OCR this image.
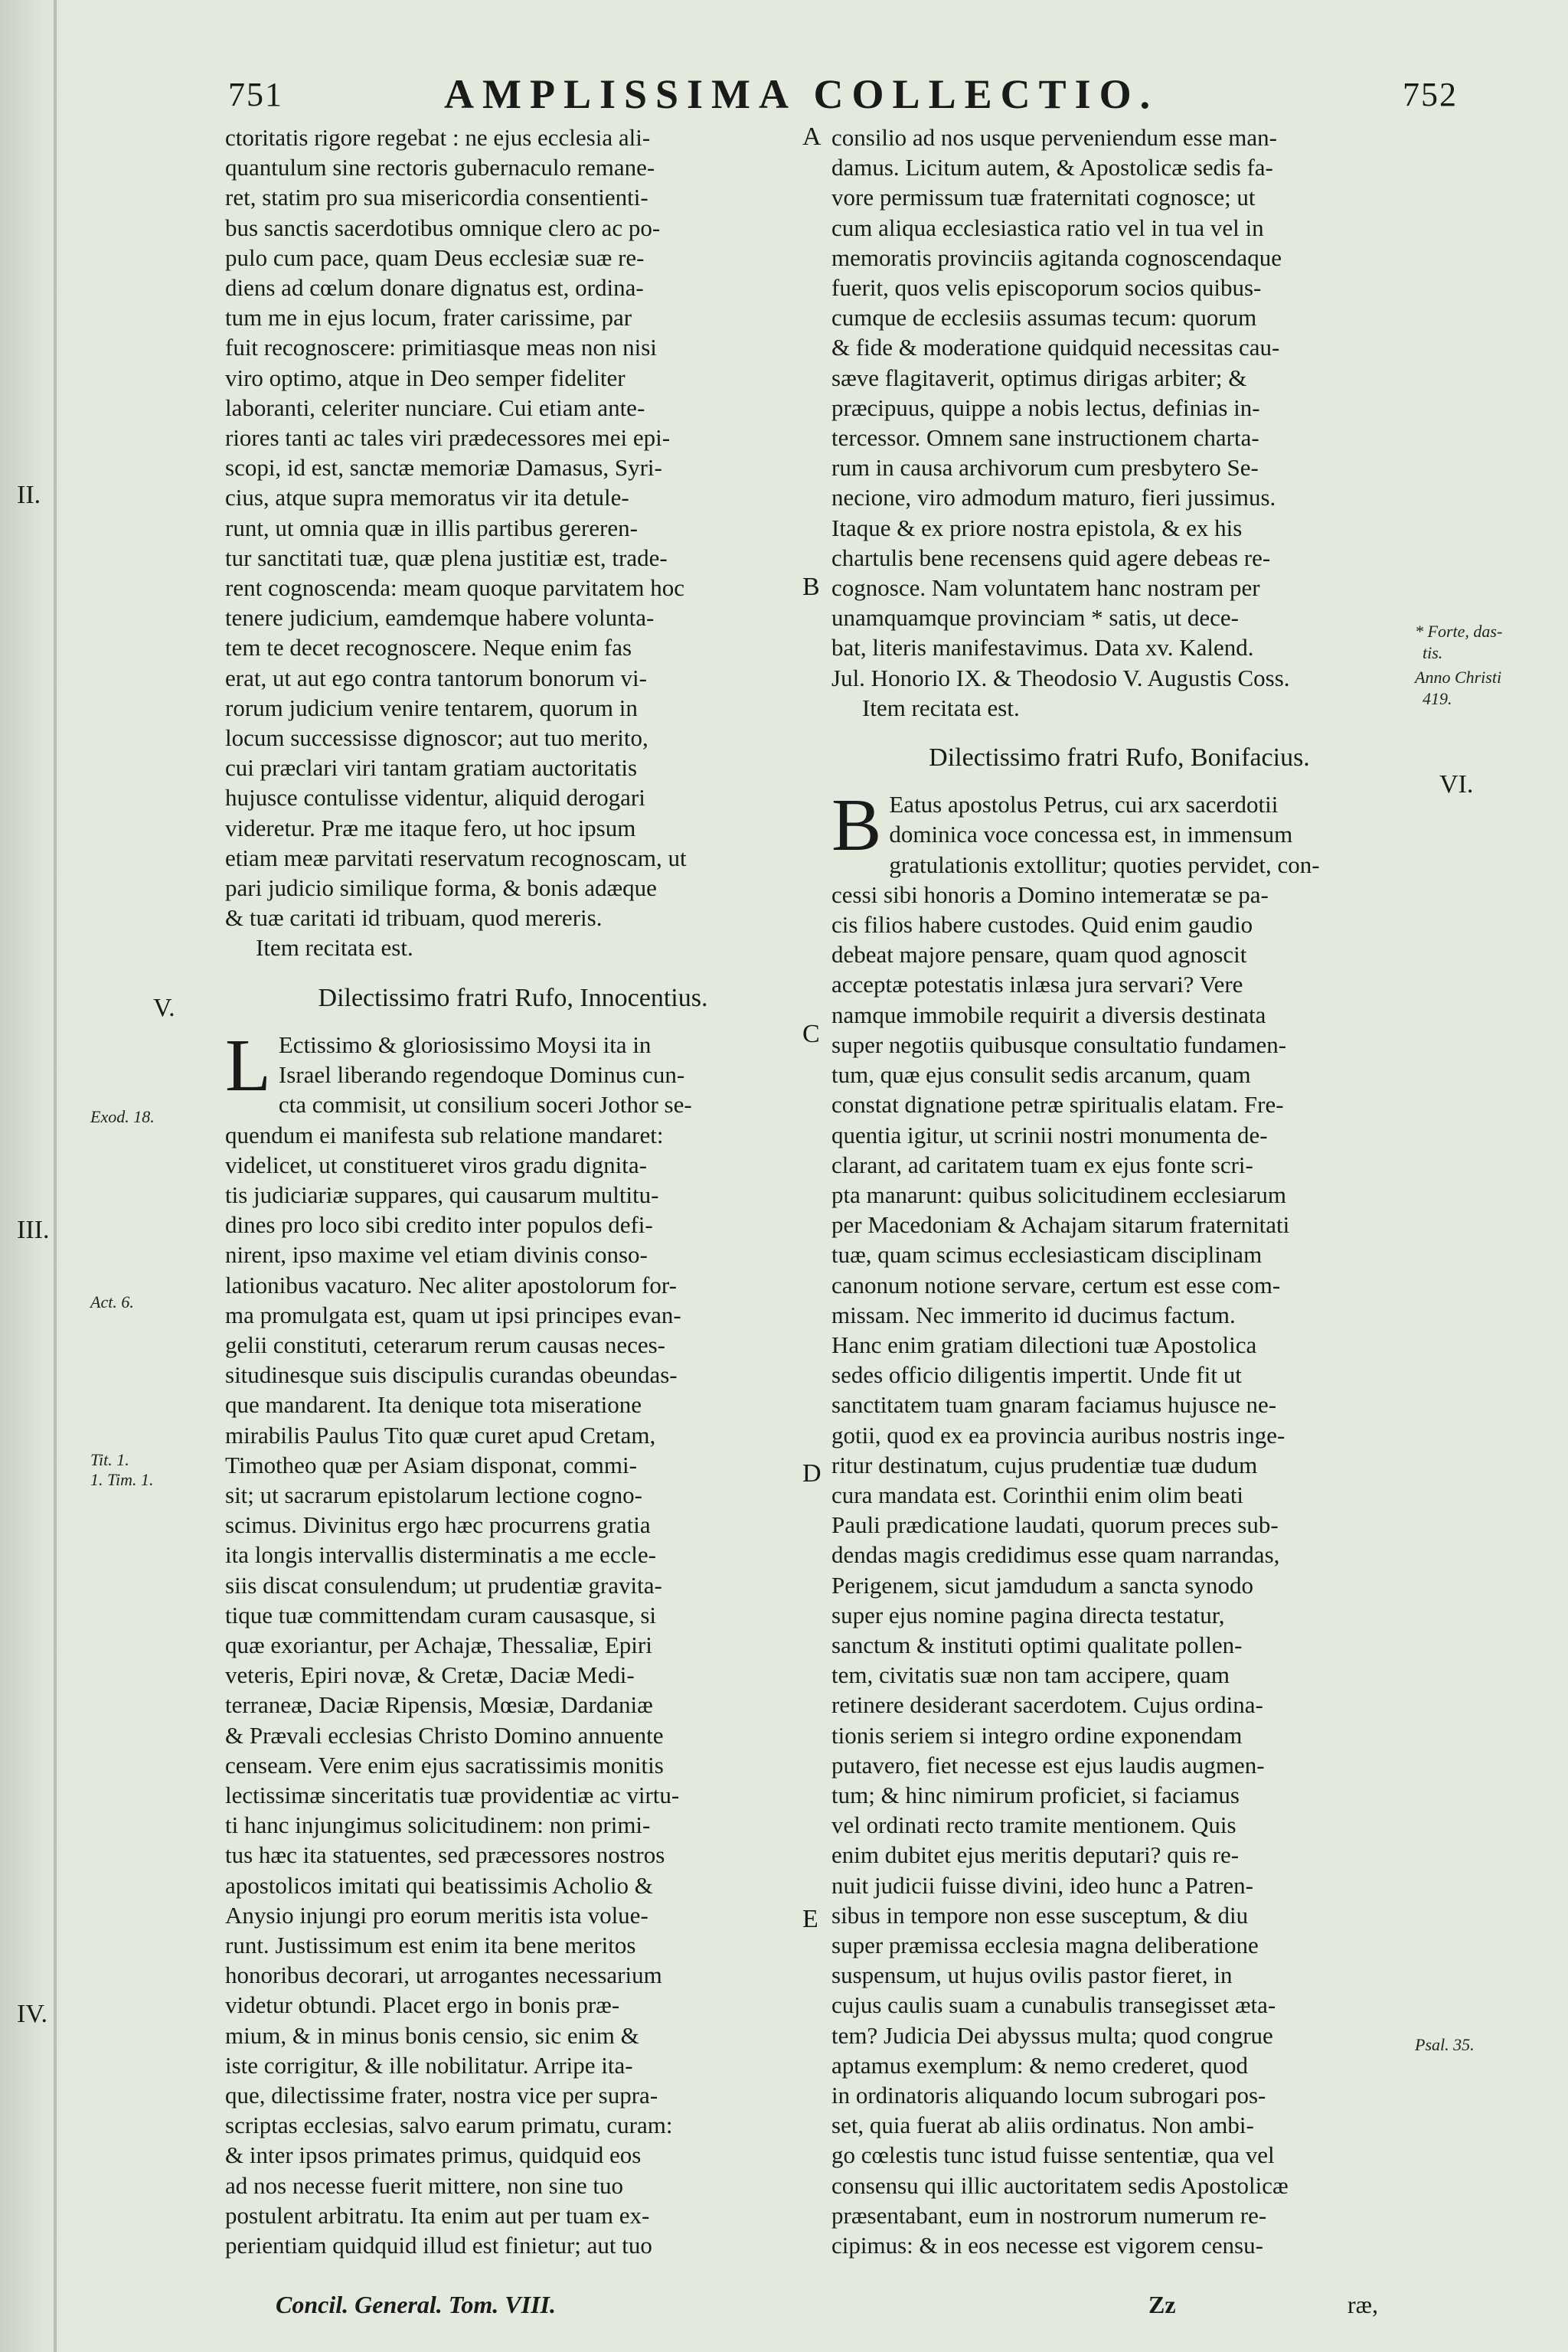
751	AMPLISSIMA COLLECTIO.	752
ctoritatis rigore regebat : ne ejus ecclesia ali-
quantulum sine rectoris gubernaculo remane-
ret, statim pro sua misericordia consentienti-
bus sanctis sacerdotibus omnique clero ac po-
pulo cum pace, quam Deus ecclesiæ suæ re-
diens ad cœlum donare dignatus est, ordina-
tum me in ejus locum, frater carissime, par
fuit recognoscere: primitiasque meas non nisi
viro optimo, atque in Deo semper fideliter
laboranti, celeriter nunciare. Cui etiam ante-
riores tanti ac tales viri prædecessores mei epi-
scopi, id est, sanctæ memoriæ Damasus, Syri-
cius, atque supra memoratus vir ita detule-
runt, ut omnia quæ in illis partibus gereren-
tur sanctitati tuæ, quæ plena justitiæ est, trade-
rent cognoscenda: meam quoque parvitatem hoc
tenere judicium, eamdemque habere volunta-
tem te decet recognoscere. Neque enim fas
erat, ut aut ego contra tantorum bonorum vi-
rorum judicium venire tentarem, quorum in
locum successisse dignoscor; aut tuo merito,
cui præclari viri tantam gratiam auctoritatis
hujusce contulisse videntur, aliquid derogari
videretur. Præ me itaque fero, ut hoc ipsum
etiam meæ parvitati reservatum recognoscam, ut
pari judicio similique forma, & bonis adæque
& tuæ caritati id tribuam, quod mereris.
Item recitata est.
Dilectissimo fratri Rufo, Innocentius.
L Ectissimo & gloriosissimo Moysi ita in
Israel liberando regendoque Dominus cun-
cta commisit, ut consilium soceri Jothor se-
quendum ei manifesta sub relatione mandaret:
videlicet, ut constitueret viros gradu dignita-
tis judiciariæ suppares, qui causarum multitu-
dines pro loco sibi credito inter populos defi-
nirent, ipso maxime vel etiam divinis conso-
lationibus vacaturo. Nec aliter apostolorum for-
ma promulgata est, quam ut ipsi principes evan-
gelii constituti, ceterarum rerum causas neces-
situdinesque suis discipulis curandas obeundas-
que mandarent. Ita denique tota miseratione
mirabilis Paulus Tito quæ curet apud Cretam,
Timotheo quæ per Asiam disponat, commi-
sit; ut sacrarum epistolarum lectione cogno-
scimus. Divinitus ergo hæc procurrens gratia
ita longis intervallis disterminatis a me eccle-
siis discat consulendum; ut prudentiæ gravita-
tique tuæ committendam curam causasque, si
quæ exoriantur, per Achajæ, Thessaliæ, Epiri
veteris, Epiri novæ, & Cretæ, Daciæ Medi-
terraneæ, Daciæ Ripensis, Mœsiæ, Dardaniæ
& Prævali ecclesias Christo Domino annuente
censeam. Vere enim ejus sacratissimis monitis
lectissimæ sinceritatis tuæ providentiæ ac virtu-
ti hanc injungimus solicitudinem: non primi-
tus hæc ita statuentes, sed præcessores nostros
apostolicos imitati qui beatissimis Acholio &
Anysio injungi pro eorum meritis ista volue-
runt. Justissimum est enim ita bene meritos
honoribus decorari, ut arrogantes necessarium
videtur obtundi. Placet ergo in bonis præ-
mium, & in minus bonis censio, sic enim &
iste corrigitur, & ille nobilitatur. Arripe ita-
que, dilectissime frater, nostra vice per supra-
scriptas ecclesias, salvo earum primatu, curam:
& inter ipsos primates primus, quidquid eos
ad nos necesse fuerit mittere, non sine tuo
postulent arbitratu. Ita enim aut per tuam ex-
perientiam quidquid illud est finietur; aut tuo
consilio ad nos usque perveniendum esse man-
damus. Licitum autem, & Apostolicæ sedis fa-
vore permissum tuæ fraternitati cognosce; ut
cum aliqua ecclesiastica ratio vel in tua vel in
memoratis provinciis agitanda cognoscendaque
fuerit, quos velis episcoporum socios quibus-
cumque de ecclesiis assumas tecum: quorum
& fide & moderatione quidquid necessitas cau-
sæve flagitaverit, optimus dirigas arbiter; &
præcipuus, quippe a nobis lectus, definias in-
tercessor. Omnem sane instructionem charta-
rum in causa archivorum cum presbytero Se-
necione, viro admodum maturo, fieri jussimus.
Itaque & ex priore nostra epistola, & ex his
chartulis bene recensens quid agere debeas re-
cognosce. Nam voluntatem hanc nostram per
unamquamque provinciam * satis, ut dece-
bat, literis manifestavimus. Data xv. Kalend.
Jul. Honorio IX. & Theodosio V. Augustis Coss.
Item recitata est.
Dilectissimo fratri Rufo, Bonifacius.
B Eatus apostolus Petrus, cui arx sacerdotii
dominica voce concessa est, in immensum
gratulationis extollitur; quoties pervidet, con-
cessi sibi honoris a Domino intemeratæ se pa-
cis filios habere custodes. Quid enim gaudio
debeat majore pensare, quam quod agnoscit
acceptæ potestatis inlæsa jura servari? Vere
namque immobile requirit a diversis destinata
super negotiis quibusque consultatio fundamen-
tum, quæ ejus consulit sedis arcanum, quam
constat dignatione petræ spiritualis elatam. Fre-
quentia igitur, ut scrinii nostri monumenta de-
clarant, ad caritatem tuam ex ejus fonte scri-
pta manarunt: quibus solicitudinem ecclesiarum
per Macedoniam & Achajam sitarum fraternitati
tuæ, quam scimus ecclesiasticam disciplinam
canonum notione servare, certum est esse com-
missam. Nec immerito id ducimus factum.
Hanc enim gratiam dilectioni tuæ Apostolica
sedes officio diligentis impertit. Unde fit ut
sanctitatem tuam gnaram faciamus hujusce ne-
gotii, quod ex ea provincia auribus nostris inge-
ritur destinatum, cujus prudentiæ tuæ dudum
cura mandata est. Corinthii enim olim beati
Pauli prædicatione laudati, quorum preces sub-
dendas magis credidimus esse quam narrandas,
Perigenem, sicut jamdudum a sancta synodo
super ejus nomine pagina directa testatur,
sanctum & instituti optimi qualitate pollen-
tem, civitatis suæ non tam accipere, quam
retinere desiderant sacerdotem. Cujus ordina-
tionis seriem si integro ordine exponendam
putavero, fiet necesse est ejus laudis augmen-
tum; & hinc nimirum proficiet, si faciamus
vel ordinati recto tramite mentionem. Quis
enim dubitet ejus meritis deputari? quis re-
nuit judicii fuisse divini, ideo hunc a Patren-
sibus in tempore non esse susceptum, & diu
super præmissa ecclesia magna deliberatione
suspensum, ut hujus ovilis pastor fieret, in
cujus caulis suam a cunabulis transegisset æta-
tem? Judicia Dei abyssus multa; quod congrue
aptamus exemplum: & nemo crederet, quod
in ordinatoris aliquando locum subrogari pos-
set, quia fuerat ab aliis ordinatus. Non ambi-
go cœlestis tunc istud fuisse sententiæ, qua vel
consensu qui illic auctoritatem sedis Apostolicæ
præsentabant, eum in nostrorum numerum re-
cipimus: & in eos necesse est vigorem censu-
A
B
C
D
E
II.
III.
IV.
V.
VI.
Exod. 18.
Act. 6.
Tit. 1.
1. Tim. 1.
* Forte, das-
tis.
Anno Christi
419.
Psal. 35.
Concil. General. Tom. VIII.	Zz	ræ,
